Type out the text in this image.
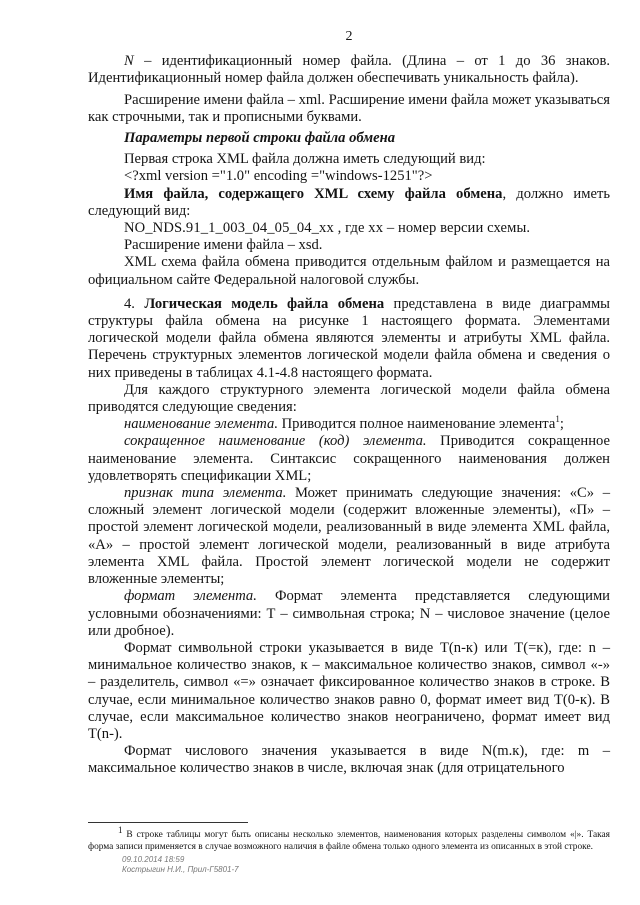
2

N – идентификационный номер файла. (Длина – от 1 до 36 знаков. Идентификационный номер файла должен обеспечивать уникальность файла).

Расширение имени файла – xml. Расширение имени файла может указываться как строчными, так и прописными буквами.

Параметры первой строки файла обмена

Первая строка XML файла должна иметь следующий вид:

<?xml version ="1.0" encoding ="windows-1251"?>

Имя файла, содержащего XML схему файла обмена, должно иметь следующий вид:

NO_NDS.91_1_003_04_05_04_xx , где хх – номер версии схемы.

Расширение имени файла – xsd.

XML схема файла обмена приводится отдельным файлом и размещается на официальном сайте Федеральной налоговой службы.

4. Логическая модель файла обмена представлена в виде диаграммы структуры файла обмена на рисунке 1 настоящего формата. Элементами логической модели файла обмена являются элементы и атрибуты XML файла. Перечень структурных элементов логической модели файла обмена и сведения о них приведены в таблицах 4.1-4.8 настоящего формата.

Для каждого структурного элемента логической модели файла обмена приводятся следующие сведения:

наименование элемента. Приводится полное наименование элемента$^1$;

сокращенное наименование (код) элемента. Приводится сокращенное наименование элемента. Синтаксис сокращенного наименования должен удовлетворять спецификации XML;

признак типа элемента. Может принимать следующие значения: «С» – сложный элемент логической модели (содержит вложенные элементы), «П» – простой элемент логической модели, реализованный в виде элемента XML файла, «А» – простой элемент логической модели, реализованный в виде атрибута элемента XML файла. Простой элемент логической модели не содержит вложенные элементы;

формат элемента. Формат элемента представляется следующими условными обозначениями: Т – символьная строка; N – числовое значение (целое или дробное).

Формат символьной строки указывается в виде Т(n-к) или Т(=к), где: n – минимальное количество знаков, к – максимальное количество знаков, символ «-» – разделитель, символ «=» означает фиксированное количество знаков в строке. В случае, если минимальное количество знаков равно 0, формат имеет вид Т(0-к). В случае, если максимальное количество знаков неограничено, формат имеет вид Т(n-).

Формат числового значения указывается в виде N(m.к), где: m – максимальное количество знаков в числе, включая знак (для отрицательного

$^1$ В строке таблицы могут быть описаны несколько элементов, наименования которых разделены символом «|». Такая форма записи применяется в случае возможного наличия в файле обмена только одного элемента из описанных в этой строке.

09.10.2014 18:59
Кострыгин Н.И., Прил-Г5801-7
